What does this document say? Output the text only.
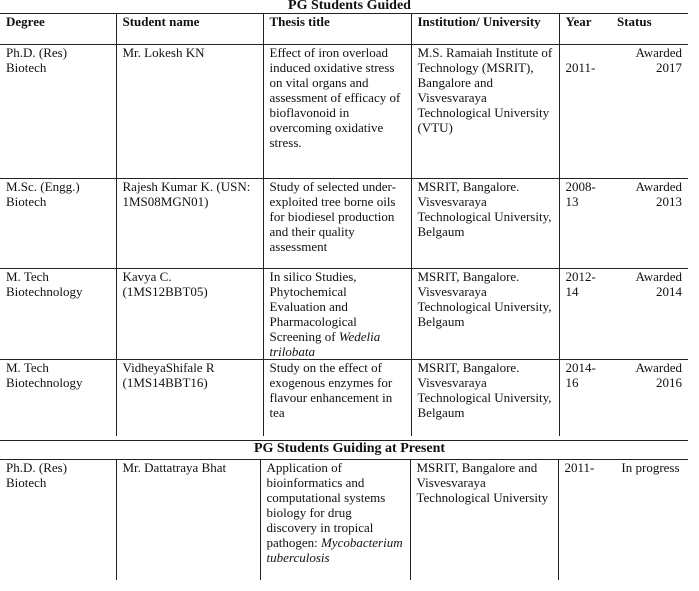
PG Students Guided
Degree	Student name	Thesis title	Institution/ University	Year	Status
Ph.D. (Res) Biotech	Mr. Lokesh KN	Effect of iron overload induced oxidative stress on vital organs and assessment of efficacy of bioflavonoid in overcoming oxidative stress.	M.S. Ramaiah Institute of Technology (MSRIT), Bangalore and Visvesvaraya Technological University (VTU)	2011-	Awarded 2017
M.Sc. (Engg.) Biotech	Rajesh Kumar K. (USN: 1MS08MGN01)	Study of selected under- exploited tree borne oils for biodiesel production and their quality assessment	MSRIT, Bangalore. Visvesvaraya Technological University, Belgaum	2008-13	Awarded 2013
M. Tech Biotechnology	Kavya C. (1MS12BBT05)	In silico Studies, Phytochemical Evaluation and Pharmacological Screening of Wedelia trilobata	MSRIT, Bangalore. Visvesvaraya Technological University, Belgaum	2012-14	Awarded 2014
M. Tech Biotechnology	VidheyaShifale R (1MS14BBT16)	Study on the effect of exogenous enzymes for flavour enhancement in tea	MSRIT, Bangalore. Visvesvaraya Technological University, Belgaum	2014-16	Awarded 2016
PG Students Guiding at Present
Ph.D. (Res) Biotech	Mr. Dattatraya Bhat	Application of bioinformatics and computational systems biology for drug discovery in tropical pathogen: Mycobacterium tuberculosis	MSRIT, Bangalore and Visvesvaraya Technological University	2011-	In progress
